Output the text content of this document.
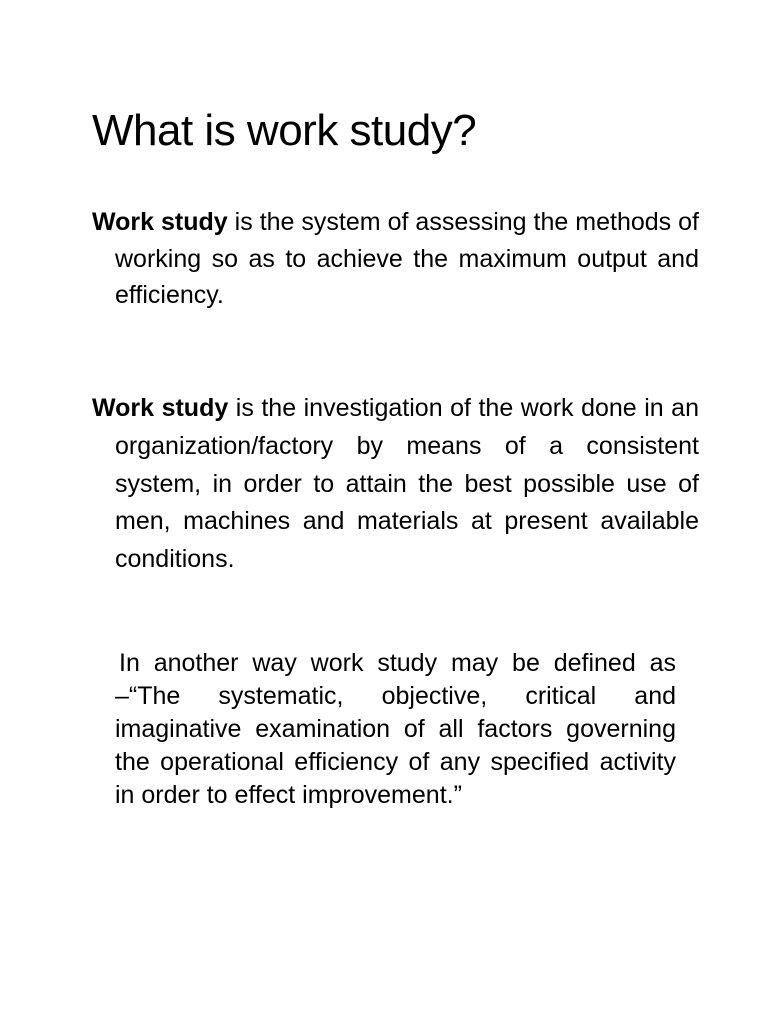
What is work study?

Work study is the system of assessing the methods of working so as to achieve the maximum output and efficiency.

Work study is the investigation of the work done in an organization/factory by means of a consistent system, in order to attain the best possible use of men, machines and materials at present available conditions.

In another way work study may be defined as –“The systematic, objective, critical and imaginative examination of all factors governing the operational efficiency of any specified activity in order to effect improvement.”
